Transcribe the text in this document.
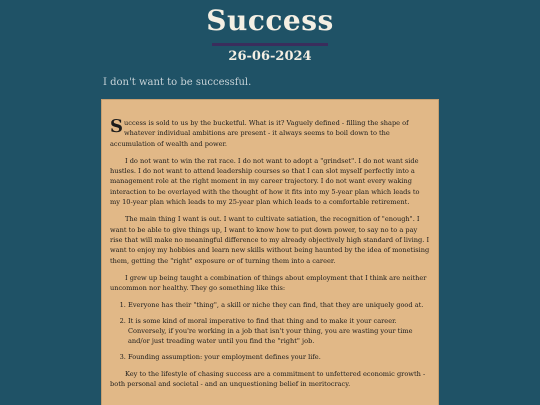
Success
26-06-2024
I don't want to be successful.

Success is sold to us by the bucketful. What is it? Vaguely defined - filling the shape of whatever individual ambitions are present - it always seems to boil down to the accumulation of wealth and power.

I do not want to win the rat race. I do not want to adopt a "grindset". I do not want side hustles. I do not want to attend leadership courses so that I can slot myself perfectly into a management role at the right moment in my career trajectory. I do not want every waking interaction to be overlayed with the thought of how it fits into my 5-year plan which leads to my 10-year plan which leads to my 25-year plan which leads to a comfortable retirement.

The main thing I want is out. I want to cultivate satiation, the recognition of "enough". I want to be able to give things up, I want to know how to put down power, to say no to a pay rise that will make no meaningful difference to my already objectively high standard of living. I want to enjoy my hobbies and learn new skills without being haunted by the idea of monetising them, getting the "right" exposure or of turning them into a career.

I grew up being taught a combination of things about employment that I think are neither uncommon nor healthy. They go something like this:

1. Everyone has their "thing", a skill or niche they can find, that they are uniquely good at.
2. It is some kind of moral imperative to find that thing and to make it your career. Conversely, if you're working in a job that isn't your thing, you are wasting your time and/or just treading water until you find the "right" job.
3. Founding assumption: your employment defines your life.

Key to the lifestyle of chasing success are a commitment to unfettered economic growth - both personal and societal - and an unquestioning belief in meritocracy.
